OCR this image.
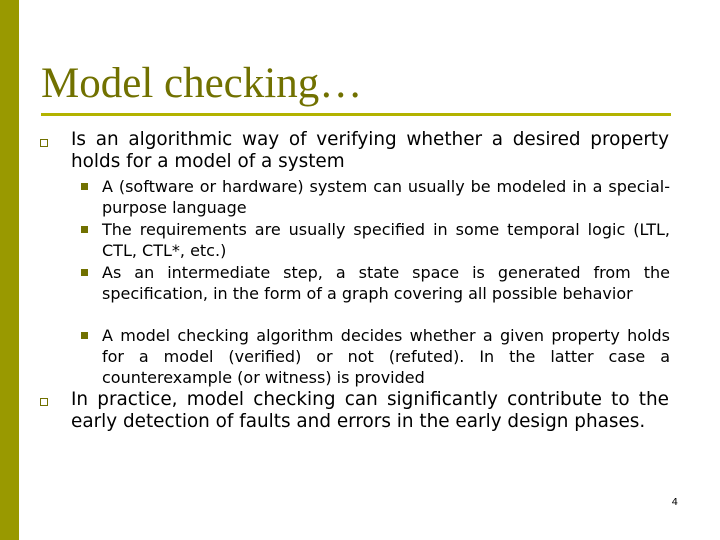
Model checking…
Is an algorithmic way of verifying whether a desired property holds for a model of a system
A (software or hardware) system can usually be modeled in a special-purpose language
The requirements are usually specified in some temporal logic (LTL, CTL, CTL*, etc.)
As an intermediate step, a state space is generated from the specification, in the form of a graph covering all possible behavior
A model checking algorithm decides whether a given property holds for a model (verified) or not (refuted). In the latter case a counterexample (or witness) is provided
In practice, model checking can significantly contribute to the early detection of faults and errors in the early design phases.
4
